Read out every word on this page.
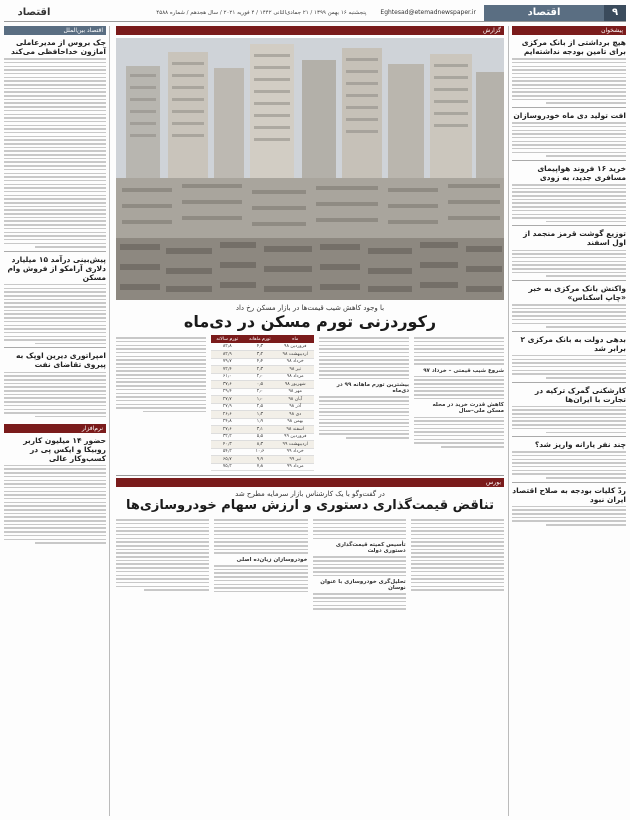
۹
اقتصاد
Eghtesad@etemadnewspaper.ir
پنجشنبه ۱۶ بهمن ۱۳۹۹ / ۲۱ جمادی‌الثانی ۱۴۴۲ / ۴ فوریه ۲۰۲۱ / سال هجدهم / شماره ۴۵۸۸
اقتصاد
پیشخوان
هیچ برداشتی از بانک مرکزی برای تامین بودجه نداشته‌ایم
افت تولید دی ماه خودروسازان
خرید ۱۶ فروند هواپیمای مسافری جدید، به زودی
توزیع گوشت قرمز منجمد از اول اسفند
واکنش بانک مرکزی به خبر «چاپ اسکناس»
بدهی دولت به بانک مرکزی ۲ برابر شد
کارشکنی گمرک ترکیه در تجارت با ایران‌ها
چند نفر یارانه واریز شد؟
ردّ کلیات بودجه به صلاح اقتصاد ایران نبود
گزارش
با وجود کاهش شیب قیمت‌ها در بازار مسکن رخ داد
رکوردزنی تورم مسکن در دی‌ماه
شروع شیب قیمتی – خرداد ۹۷
کاهش قدرت خرید در محله مسکن ملی–سال
بیشترین تورم ماهانه ۹۹ در دی‌ماه
ماه	تورم ماهانه	تورم سالانه
فروردین ۹۸	۴٫۳	۸۲٫۸
اردیبهشت ۹۸	۳٫۲	۸۲٫۹
خرداد ۹۸	۴٫۴	۷۹٫۷
تیر ۹۸	۲٫۳	۷۲٫۴
مرداد ۹۸	۲٫۰	۶۱٫۰
شهریور ۹۸	۰٫۵	۳۷٫۶
مهر ۹۸	۲٫۰	۲۹٫۴
آبان ۹۸	۱٫۰	۲۷٫۷
آذر ۹۸	۲٫۵	۲۷٫۹
دی ۹۸	۱٫۳	۲۶٫۶
بهمن ۹۸	۱٫۹	۲۴٫۸
اسفند ۹۸	۳٫۱	۲۷٫۶
فروردین ۹۹	۵٫۵	۳۲٫۲
اردیبهشت ۹۹	۸٫۳	۴۰٫۳
خرداد ۹۹	۱۰٫۶	۵۴٫۲
تیر ۹۹	۹٫۹	۶۵٫۷
مرداد ۹۹	۷٫۸	۷۵٫۲
بورس
در گفت‌وگو با یک کارشناس بازار سرمایه مطرح شد
تناقض قیمت‌گذاری دستوری و ارزش سهام خودروسازی‌ها
تأسیس کمیته قیمت‌گذاری دستوری دولت
تحلیل‌گری خودروسازی با عنوان نوسان
خودروسازان زیان‌ده اصلی
اقتصاد بین‌الملل
جک بروس از مدیرعاملی آمازون خداحافظی می‌کند
پیش‌بینی درآمد ۱۵ میلیارد دلاری آرامکو از فروش وام مسکن
امپراتوری دیرین اوپک به پیروی تقاضای نفت
نرم‌افزار
حضور ۱۴ میلیون کاربر روبیکا و ایکس پی در کسب‌وکار عالی
